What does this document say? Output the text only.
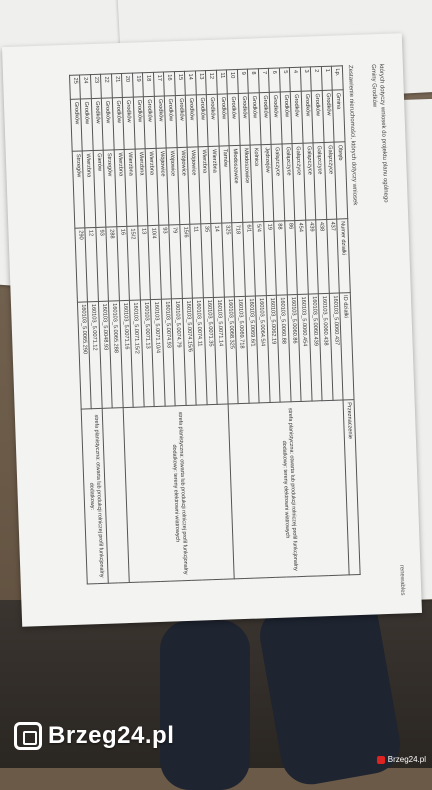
których dotyczy wniosek do projektu planu ogólnego
Gminy Grodków
renewables
Zestawienie nieruchomości, których dotyczy wniosek
Lp.	Gmina	Obręb	Numer działki	ID działki	Przeznaczenie
1	Grodków	Gałązczyce	437	160103_5.0060.437	strefa planistyczna: otwarta lub produkcji rolniczej profil funkcjonalny dodatkowy: tereny elektrowni wiatrowych
2	Grodków	Gałązczyce	438	160103_5.0060.438	
3	Grodków	Gałązczyce	439	160103_5.0060.439	
4	Grodków	Gałązczyce	454	160103_5.0060.454	
5	Grodków	Gałązczyce	86	160103_5.0060.86	
6	Grodków	Gałązczyce	88	160103_5.0060.88	
7	Grodków	Jędrzejów	19	160103_5.0062.19	
8	Grodków	Kolnica	5/4	160103_5.0064.5/4	
9	Grodków	Młodoszowice	6/1	160103_5.0069.6/1	
10	Grodków	Młodoszowice	718	160103_5.0069.718	
11	Grodków	Tarnów	325	160103_5.0068.325	
12	Grodków	Wierzbna	14	160103_5.0071.14	strefa planistyczna: otwarta lub produkcji rolniczej profil funkcjonalny dodatkowy: tereny elektrowni wiatrowych
13	Grodków	Wierzbna	35	160103_5.0071.35	
14	Grodków	Wójtowice	11	160103_5.0074.11	
15	Grodków	Wójtowice	15/6	160103_5.0074.15/6	
16	Grodków	Wójtowice	79	160103_5.0074.79	
17	Grodków	Wójtowice	93	160103_5.0074.93	
18	Grodków	Wierzbna	10/4	160103_5.0071.10/4	
19	Grodków	Wierzbna	13	160103_5.0071.13	
20	Grodków	Wierzbna	15/2	160103_5.0071.15/2	
21	Grodków	Wierzbna	16	160103_5.0071.16	
22	Grodków	Strzegów	288	160103_5.0065.288	
23	Grodków	Gierów	93	160103_5.0048.93	
24	Grodków	Wierzbna	12	160103_5.0071.12	strefa planistyczna: otwarta lub produkcji rolniczej profil funkcjonalny dodatkowy:
25	Grodków	Strzegów	290	160103_5.0065.290	
Brzeg24.pl
Brzeg24.pl
